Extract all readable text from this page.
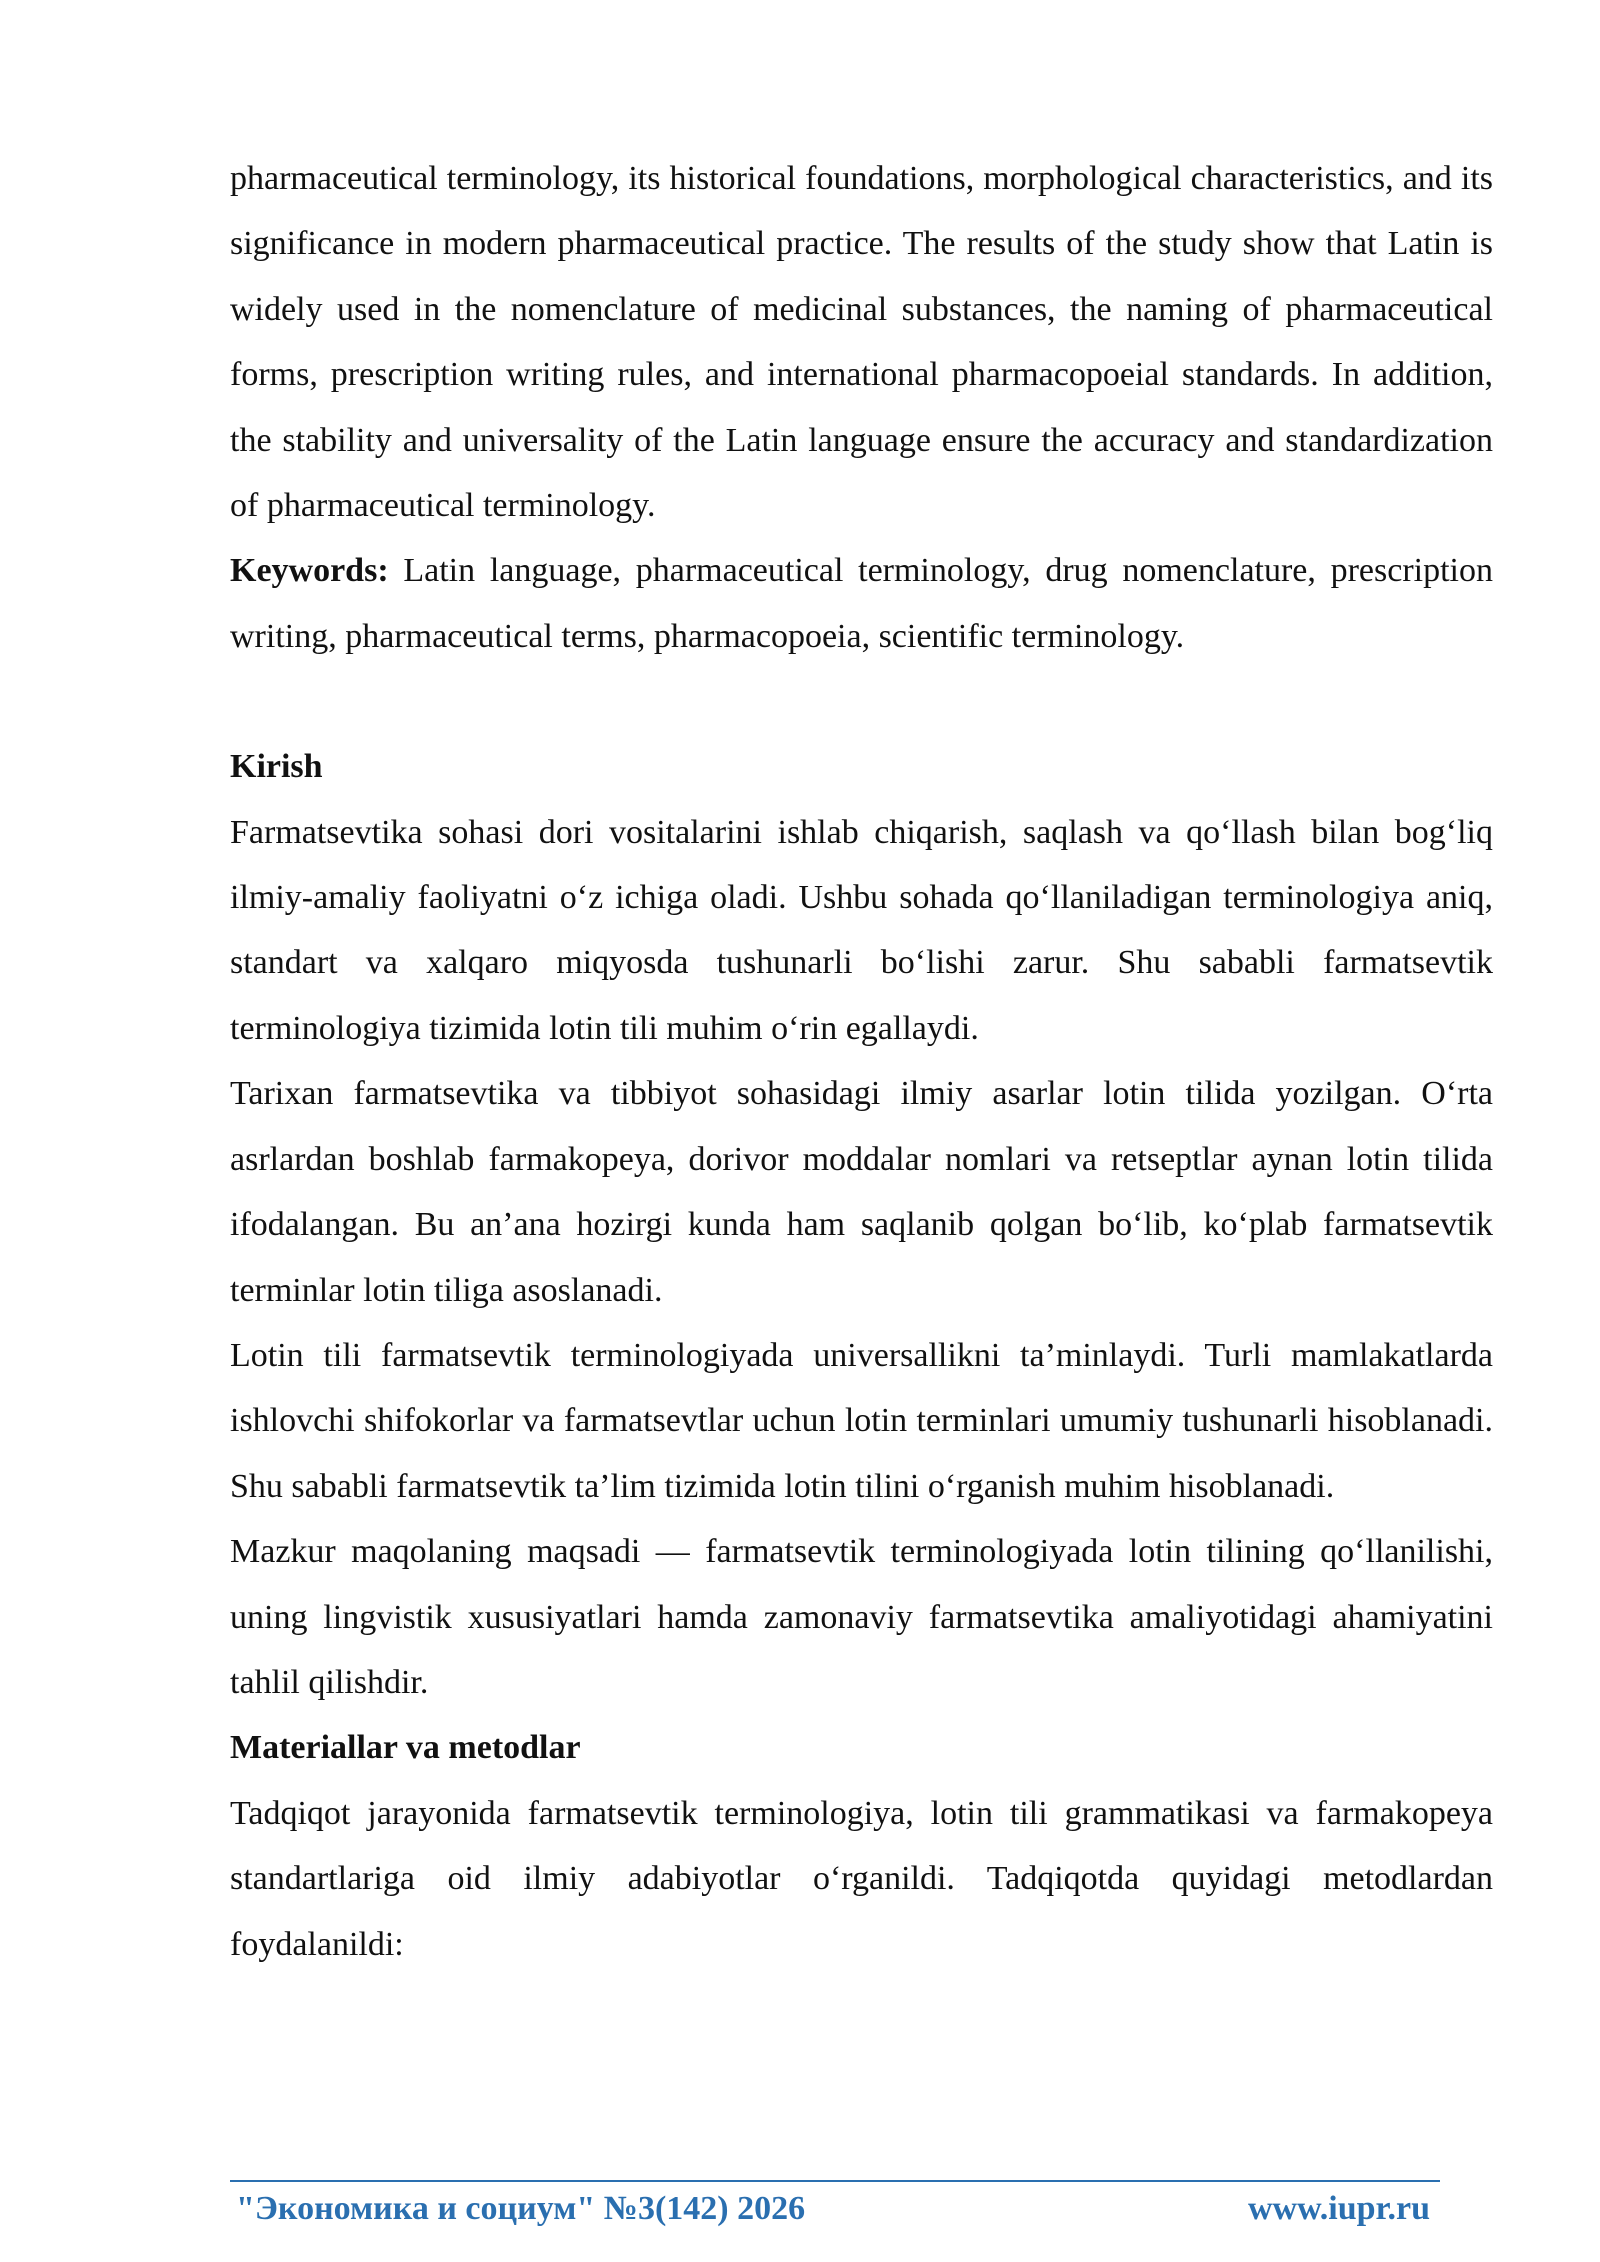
pharmaceutical terminology, its historical foundations, morphological characteristics, and its significance in modern pharmaceutical practice. The results of the study show that Latin is widely used in the nomenclature of medicinal substances, the naming of pharmaceutical forms, prescription writing rules, and international pharmacopoeial standards. In addition, the stability and universality of the Latin language ensure the accuracy and standardization of pharmaceutical terminology.

Keywords: Latin language, pharmaceutical terminology, drug nomenclature, prescription writing, pharmaceutical terms, pharmacopoeia, scientific terminology.

Kirish

Farmatsevtika sohasi dori vositalarini ishlab chiqarish, saqlash va qo‘llash bilan bog‘liq ilmiy-amaliy faoliyatni o‘z ichiga oladi. Ushbu sohada qo‘llaniladigan terminologiya aniq, standart va xalqaro miqyosda tushunarli bo‘lishi zarur. Shu sababli farmatsevtik terminologiya tizimida lotin tili muhim o‘rin egallaydi.

Tarixan farmatsevtika va tibbiyot sohasidagi ilmiy asarlar lotin tilida yozilgan. O‘rta asrlardan boshlab farmakopeya, dorivor moddalar nomlari va retseptlar aynan lotin tilida ifodalangan. Bu an’ana hozirgi kunda ham saqlanib qolgan bo‘lib, ko‘plab farmatsevtik terminlar lotin tiliga asoslanadi.

Lotin tili farmatsevtik terminologiyada universallikni ta’minlaydi. Turli mamlakatlarda ishlovchi shifokorlar va farmatsevtlar uchun lotin terminlari umumiy tushunarli hisoblanadi. Shu sababli farmatsevtik ta’lim tizimida lotin tilini o‘rganish muhim hisoblanadi.

Mazkur maqolaning maqsadi — farmatsevtik terminologiyada lotin tilining qo‘llanilishi, uning lingvistik xususiyatlari hamda zamonaviy farmatsevtika amaliyotidagi ahamiyatini tahlil qilishdir.

Materiallar va metodlar

Tadqiqot jarayonida farmatsevtik terminologiya, lotin tili grammatikasi va farmakopeya standartlariga oid ilmiy adabiyotlar o‘rganildi. Tadqiqotda quyidagi metodlardan foydalanildi:

"Экономика и социум" №3(142) 2026	www.iupr.ru
